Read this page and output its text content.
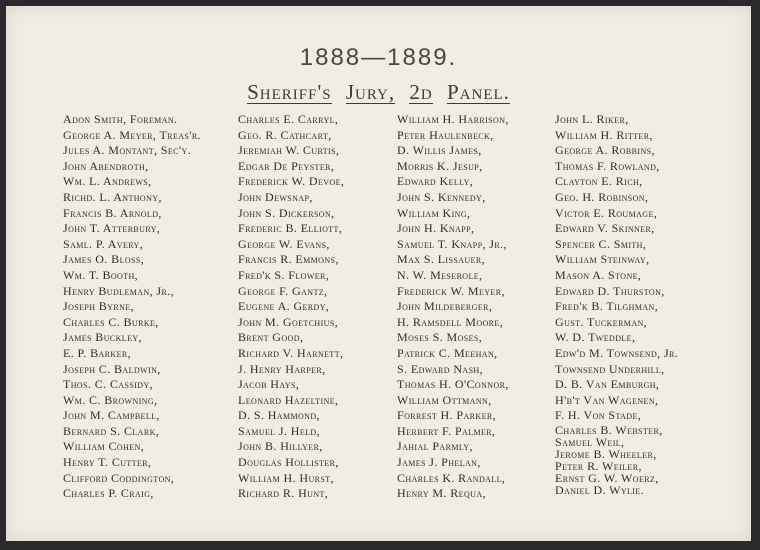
1888—1889.
Sheriff's Jury, 2d Panel.
Adon Smith, Foreman.
George A. Meyer, Treas'r.
Jules A. Montant, Sec'y.
John Abendroth,
Wm. L. Andrews,
Richd. L. Anthony,
Francis B. Arnold,
John T. Atterbury,
Saml. P. Avery,
James O. Bloss,
Wm. T. Booth,
Henry Budleman, Jr.,
Joseph Byrne,
Charles C. Burke,
James Buckley,
E. P. Barker,
Joseph C. Baldwin,
Thos. C. Cassidy,
Wm. C. Browning,
John M. Campbell,
Bernard S. Clark,
William Cohen,
Henry T. Cutter,
Clifford Coddington,
Charles P. Craig,
Charles E. Carryl,
Geo. R. Cathcart,
Jeremiah W. Curtis,
Edgar De Peyster,
Frederick W. Devoe,
John Dewsnap,
John S. Dickerson,
Frederic B. Elliott,
George W. Evans,
Francis R. Emmons,
Fred'k S. Flower,
George F. Gantz,
Eugene A. Gerdy,
John M. Goetchius,
Brent Good,
Richard V. Harnett,
J. Henry Harper,
Jacob Hays,
Leonard Hazeltine,
D. S. Hammond,
Samuel J. Held,
John B. Hillyer,
Douglas Hollister,
William H. Hurst,
Richard R. Hunt,
William H. Harrison,
Peter Haulenbeck,
D. Willis James,
Morris K. Jesup,
Edward Kelly,
John S. Kennedy,
William King,
John H. Knapp,
Samuel T. Knapp, Jr.,
Max S. Lissauer,
N. W. Meserole,
Frederick W. Meyer,
John Mildeberger,
H. Ramsdell Moore,
Moses S. Moses,
Patrick C. Meehan,
S. Edward Nash,
Thomas H. O'Connor,
William Ottmann,
Forrest H. Parker,
Herbert F. Palmer,
Jahial Parmly,
James J. Phelan,
Charles K. Randall,
Henry M. Requa,
John L. Riker,
William H. Ritter,
George A. Robbins,
Thomas F. Rowland,
Clayton E. Rich,
Geo. H. Robinson,
Victor E. Roumage,
Edward V. Skinner,
Spencer C. Smith,
William Steinway,
Mason A. Stone,
Edward D. Thurston,
Fred'k B. Tilghman,
Gust. Tuckerman,
W. D. Tweddle,
Edw'd M. Townsend, Jr.
Townsend Underhill,
D. B. Van Emburgh,
H'b't Van Wagenen,
F. H. Von Stade,
Charles B. Webster,
Samuel Weil,
Jerome B. Wheeler,
Peter R. Weiler,
Ernst G. W. Woerz,
Daniel D. Wylie.
